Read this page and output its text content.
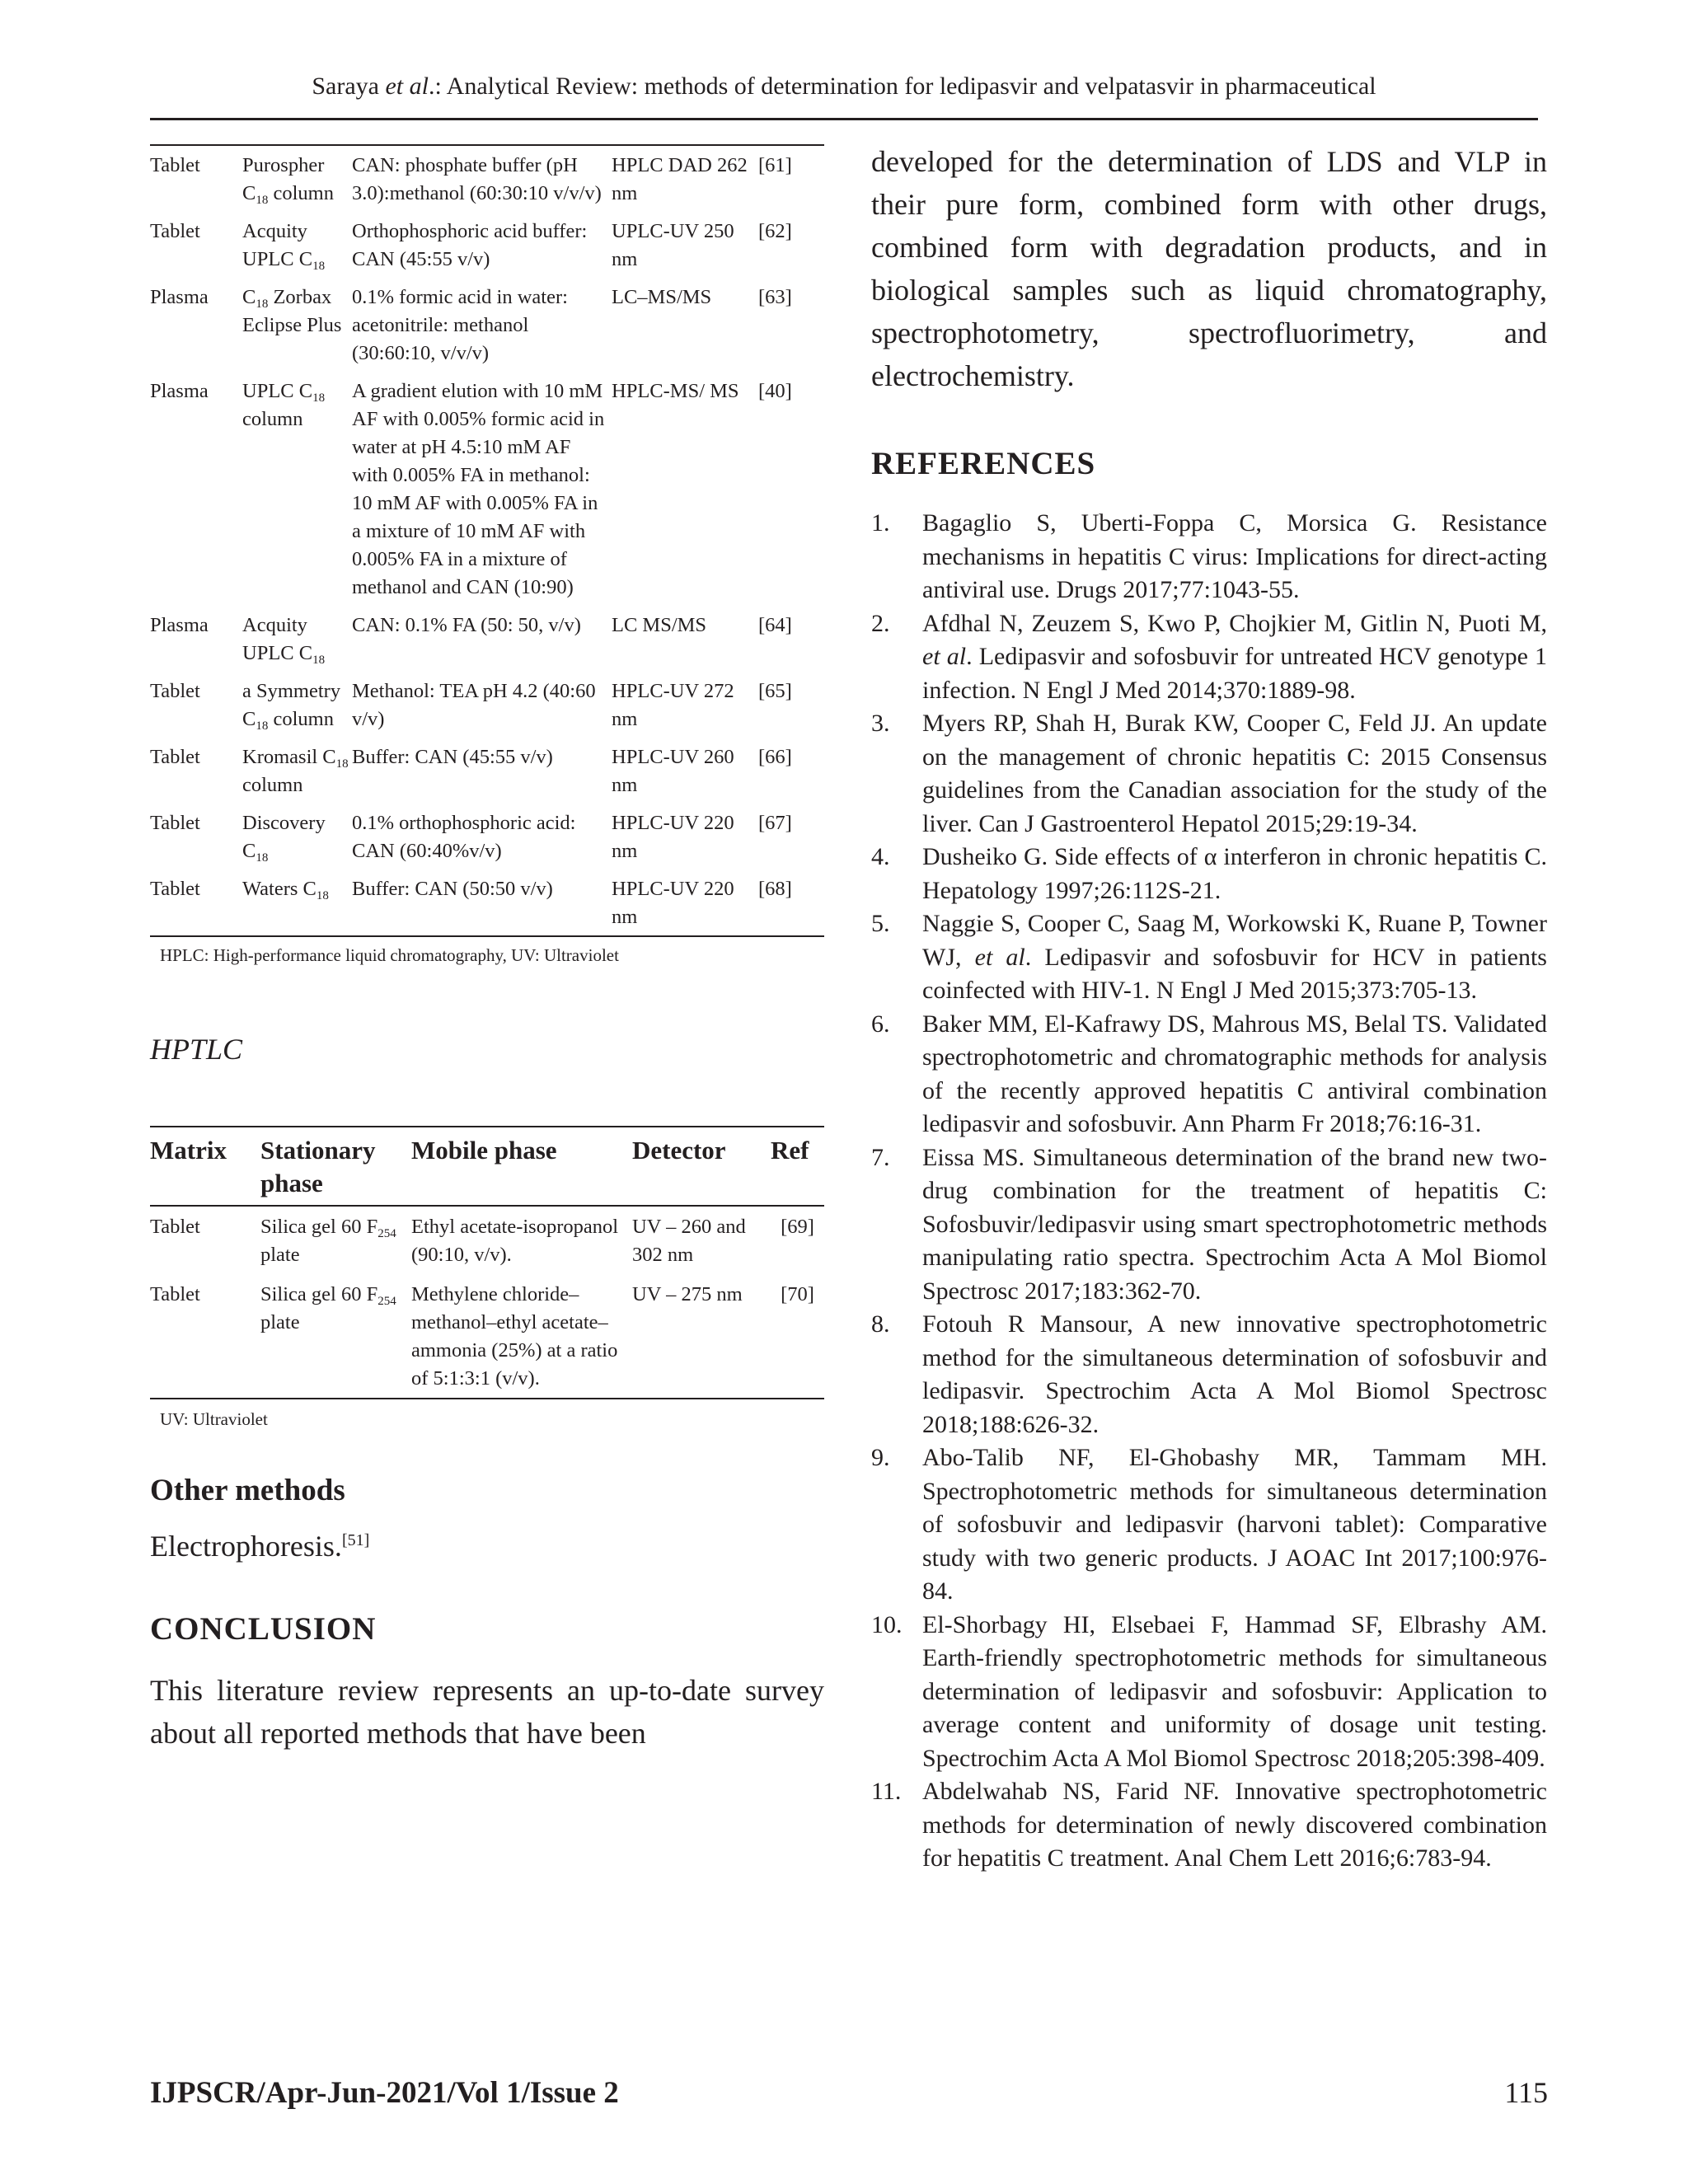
Saraya et al.: Analytical Review: methods of determination for ledipasvir and velpatasvir in pharmaceutical
Tablet	Purospher $C_{18}$ column	CAN: phosphate buffer (pH 3.0):methanol (60:30:10 v/v/v)	HPLC DAD 262 nm	[61]
Tablet	Acquity UPLC $C_{18}$	Orthophosphoric acid buffer: CAN (45:55 v/v)	UPLC-UV 250 nm	[62]
Plasma	$C_{18}$ Zorbax Eclipse Plus	0.1% formic acid in water: acetonitrile: methanol (30:60:10, v/v/v)	LC–MS/MS	[63]
Plasma	UPLC $C_{18}$ column	A gradient elution with 10 mM AF with 0.005% formic acid in water at pH 4.5:10 mM AF with 0.005% FA in methanol: 10 mM AF with 0.005% FA in a mixture of 10 mM AF with 0.005% FA in a mixture of methanol and CAN (10:90)	HPLC-MS/ MS	[40]
Plasma	Acquity UPLC $C_{18}$	CAN: 0.1% FA (50: 50, v/v)	LC MS/MS	[64]
Tablet	a Symmetry $C_{18}$ column	Methanol: TEA pH 4.2 (40:60 v/v)	HPLC-UV 272 nm	[65]
Tablet	Kromasil $C_{18}$ column	Buffer: CAN (45:55 v/v)	HPLC-UV 260 nm	[66]
Tablet	Discovery $C_{18}$	0.1% orthophosphoric acid: CAN (60:40%v/v)	HPLC-UV 220 nm	[67]
Tablet	Waters $C_{18}$	Buffer: CAN (50:50 v/v)	HPLC-UV 220 nm	[68]
HPLC: High-performance liquid chromatography, UV: Ultraviolet
HPTLC
Matrix	Stationary phase	Mobile phase	Detector	Ref
Tablet	Silica gel 60 $F_{254}$ plate	Ethyl acetate-isopropanol (90:10, v/v).	UV – 260 and 302 nm	[69]
Tablet	Silica gel 60 $F_{254}$ plate	Methylene chloride–methanol–ethyl acetate–ammonia (25%) at a ratio of 5:1:3:1 (v/v).	UV – 275 nm	[70]
UV: Ultraviolet
Other methods
Electrophoresis.[51]
CONCLUSION
This literature review represents an up-to-date survey about all reported methods that have been
developed for the determination of LDS and VLP in their pure form, combined form with other drugs, combined form with degradation products, and in biological samples such as liquid chromatography, spectrophotometry, spectrofluorimetry, and electrochemistry.
REFERENCES
1. Bagaglio S, Uberti-Foppa C, Morsica G. Resistance mechanisms in hepatitis C virus: Implications for direct-acting antiviral use. Drugs 2017;77:1043-55.
2. Afdhal N, Zeuzem S, Kwo P, Chojkier M, Gitlin N, Puoti M, et al. Ledipasvir and sofosbuvir for untreated HCV genotype 1 infection. N Engl J Med 2014;370:1889-98.
3. Myers RP, Shah H, Burak KW, Cooper C, Feld JJ. An update on the management of chronic hepatitis C: 2015 Consensus guidelines from the Canadian association for the study of the liver. Can J Gastroenterol Hepatol 2015;29:19-34.
4. Dusheiko G. Side effects of α interferon in chronic hepatitis C. Hepatology 1997;26:112S-21.
5. Naggie S, Cooper C, Saag M, Workowski K, Ruane P, Towner WJ, et al. Ledipasvir and sofosbuvir for HCV in patients coinfected with HIV-1. N Engl J Med 2015;373:705-13.
6. Baker MM, El-Kafrawy DS, Mahrous MS, Belal TS. Validated spectrophotometric and chromatographic methods for analysis of the recently approved hepatitis C antiviral combination ledipasvir and sofosbuvir. Ann Pharm Fr 2018;76:16-31.
7. Eissa MS. Simultaneous determination of the brand new two-drug combination for the treatment of hepatitis C: Sofosbuvir/ledipasvir using smart spectrophotometric methods manipulating ratio spectra. Spectrochim Acta A Mol Biomol Spectrosc 2017;183:362-70.
8. Fotouh R Mansour, A new innovative spectrophotometric method for the simultaneous determination of sofosbuvir and ledipasvir. Spectrochim Acta A Mol Biomol Spectrosc 2018;188:626-32.
9. Abo-Talib NF, El-Ghobashy MR, Tammam MH. Spectrophotometric methods for simultaneous determination of sofosbuvir and ledipasvir (harvoni tablet): Comparative study with two generic products. J AOAC Int 2017;100:976-84.
10. El-Shorbagy HI, Elsebaei F, Hammad SF, Elbrashy AM. Earth-friendly spectrophotometric methods for simultaneous determination of ledipasvir and sofosbuvir: Application to average content and uniformity of dosage unit testing. Spectrochim Acta A Mol Biomol Spectrosc 2018;205:398-409.
11. Abdelwahab NS, Farid NF. Innovative spectrophotometric methods for determination of newly discovered combination for hepatitis C treatment. Anal Chem Lett 2016;6:783-94.
IJPSCR/Apr-Jun-2021/Vol 1/Issue 2	115
